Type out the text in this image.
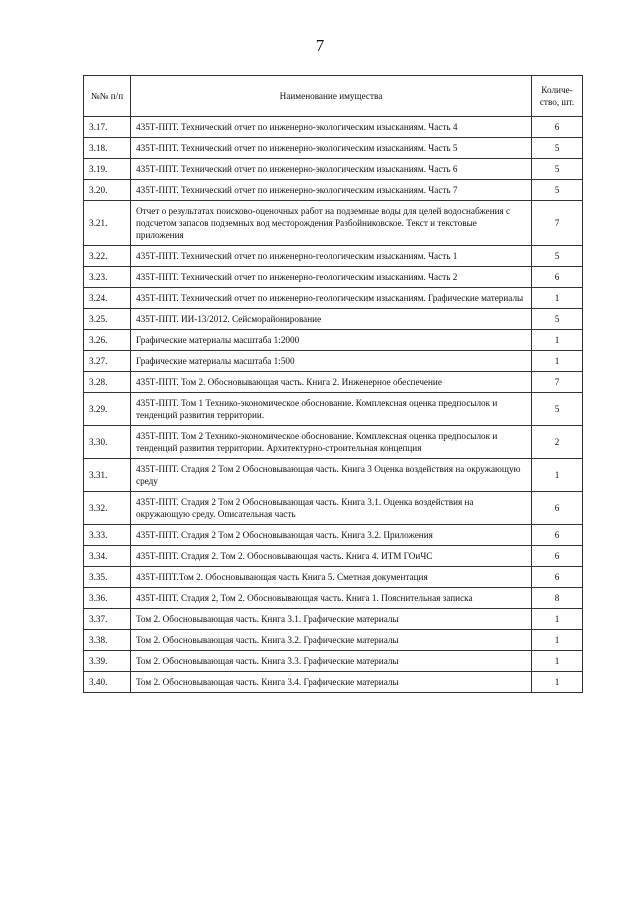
7
№№ п/п	Наименование имущества	Количе-ство, шт.
3.17.	435Т-ППТ. Технический отчет по инженерно-экологическим изысканиям. Часть 4	6
3.18.	435Т-ППТ. Технический отчет по инженерно-экологическим изысканиям. Часть 5	5
3.19.	435Т-ППТ. Технический отчет по инженерно-экологическим изысканиям. Часть 6	5
3.20.	435Т-ППТ. Технический отчет по инженерно-экологическим изысканиям. Часть 7	5
3.21.	Отчет о результатах поисково-оценочных работ на подземные воды для целей водоснабжения с подсчетом запасов подземных вод месторождения Разбойниковское. Текст и текстовые приложения	7
3.22.	435Т-ППТ. Технический отчет по инженерно-геологическим изысканиям. Часть 1	5
3.23.	435Т-ППТ. Технический отчет по инженерно-геологическим изысканиям. Часть 2	6
3.24.	435Т-ППТ. Технический отчет по инженерно-геологическим изысканиям. Графические материалы	1
3.25.	435Т-ППТ. ИИ-13/2012. Сейсморайонирование	5
3.26.	Графические материалы масштаба 1:2000	1
3.27.	Графические материалы масштаба 1:500	1
3.28.	435Т-ППТ. Том 2. Обосновывающая часть. Книга 2. Инженерное обеспечение	7
3.29.	435Т-ППТ. Том 1 Технико-экономическое обоснование. Комплексная оценка предпосылок и тенденций развития территории.	5
3.30.	435Т-ППТ. Том 2 Технико-экономическое обоснование. Комплексная оценка предпосылок и тенденций развития территории. Архитектурно-строительная концепция	2
3.31.	435Т-ППТ. Стадия 2 Том 2 Обосновывающая часть. Книга 3 Оценка воздействия на окружающую среду	1
3.32.	435Т-ППТ. Стадия 2 Том 2 Обосновывающая часть. Книга 3.1. Оценка воздействия на окружающую среду. Описательная часть	6
3.33.	435Т-ППТ. Стадия 2 Том 2 Обосновывающая часть. Книга 3.2. Приложения	6
3.34.	435Т-ППТ. Стадия 2. Том 2. Обосновывающая часть. Книга 4. ИТМ ГОиЧС	6
3.35.	435Т-ППТ.Том 2. Обосновывающая часть Книга 5. Сметная документация	6
3.36.	435Т-ППТ. Стадия 2, Том 2. Обосновывающая часть. Книга 1. Пояснительная записка	8
3.37.	Том 2. Обосновывающая часть. Книга 3.1. Графические материалы	1
3.38.	Том 2. Обосновывающая часть. Книга 3.2. Графические материалы	1
3.39.	Том 2. Обосновывающая часть. Книга 3.3. Графические материалы	1
3.40.	Том 2. Обосновывающая часть. Книга 3.4. Графические материалы	1
